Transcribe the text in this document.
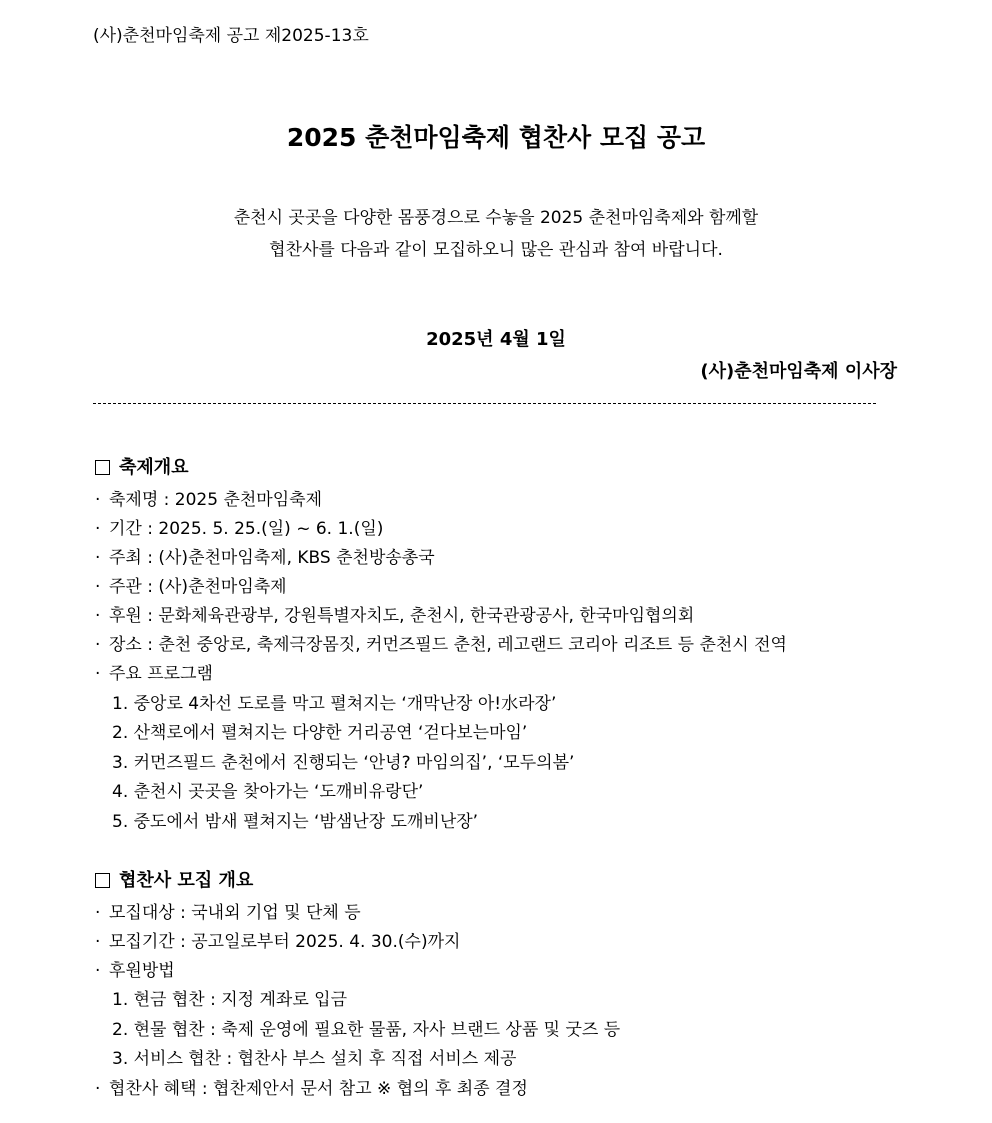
(사)춘천마임축제 공고 제2025-13호
2025 춘천마임축제 협찬사 모집 공고
춘천시 곳곳을 다양한 몸풍경으로 수놓을 2025 춘천마임축제와 함께할
협찬사를 다음과 같이 모집하오니 많은 관심과 참여 바랍니다.
2025년 4월 1일
(사)춘천마임축제 이사장
축제개요
· 축제명 : 2025 춘천마임축제
· 기간 : 2025. 5. 25.(일) ~ 6. 1.(일)
· 주최 : (사)춘천마임축제, KBS 춘천방송총국
· 주관 : (사)춘천마임축제
· 후원 : 문화체육관광부, 강원특별자치도, 춘천시, 한국관광공사, 한국마임협의회
· 장소 : 춘천 중앙로, 축제극장몸짓, 커먼즈필드 춘천, 레고랜드 코리아 리조트 등 춘천시 전역
· 주요 프로그램
1. 중앙로 4차선 도로를 막고 펼쳐지는 ‘개막난장 아!水라장’
2. 산책로에서 펼쳐지는 다양한 거리공연 ‘걷다보는마임’
3. 커먼즈필드 춘천에서 진행되는 ‘안녕? 마임의집’, ‘모두의봄’
4. 춘천시 곳곳을 찾아가는 ‘도깨비유랑단’
5. 중도에서 밤새 펼쳐지는 ‘밤샘난장 도깨비난장’
협찬사 모집 개요
· 모집대상 : 국내외 기업 및 단체 등
· 모집기간 : 공고일로부터 2025. 4. 30.(수)까지
· 후원방법
1. 현금 협찬 : 지정 계좌로 입금
2. 현물 협찬 : 축제 운영에 필요한 물품, 자사 브랜드 상품 및 굿즈 등
3. 서비스 협찬 : 협찬사 부스 설치 후 직접 서비스 제공
· 협찬사 혜택 : 협찬제안서 문서 참고 ※ 협의 후 최종 결정
